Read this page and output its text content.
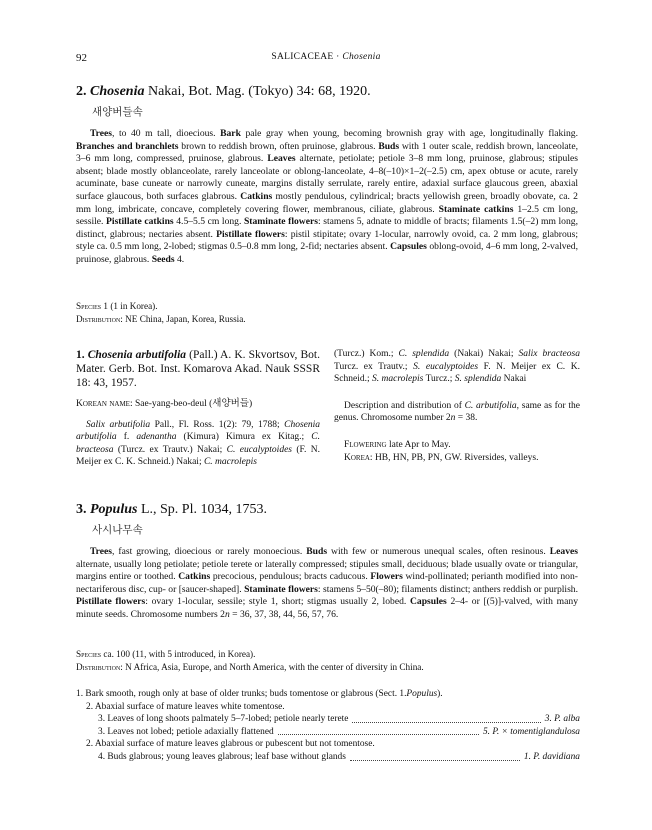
92	SALICACEAE · Chosenia
2. Chosenia Nakai, Bot. Mag. (Tokyo) 34: 68, 1920.
새양버들속

Trees, to 40 m tall, dioecious. Bark pale gray when young, becoming brownish gray with age, longitudinally flaking. Branches and branchlets brown to reddish brown, often pruinose, glabrous. Buds with 1 outer scale, reddish brown, lanceolate, 3–6 mm long, compressed, pruinose, glabrous. Leaves alternate, petiolate; petiole 3–8 mm long, pruinose, glabrous; stipules absent; blade mostly oblanceolate, rarely lanceolate or oblong-lanceolate, 4–8(–10)×1–2(–2.5) cm, apex obtuse or acute, rarely acuminate, base cuneate or narrowly cuneate, margins distally serrulate, rarely entire, adaxial surface glaucous green, abaxial surface glaucous, both surfaces glabrous. Catkins mostly pendulous, cylindrical; bracts yellowish green, broadly obovate, ca. 2 mm long, imbricate, concave, completely covering flower, membranous, ciliate, glabrous. Staminate catkins 1–2.5 cm long, sessile. Pistillate catkins 4.5–5.5 cm long. Staminate flowers: stamens 5, adnate to middle of bracts; filaments 1.5(–2) mm long, distinct, glabrous; nectaries absent. Pistillate flowers: pistil stipitate; ovary 1-locular, narrowly ovoid, ca. 2 mm long, glabrous; style ca. 0.5 mm long, 2-lobed; stigmas 0.5–0.8 mm long, 2-fid; nectaries absent. Capsules oblong-ovoid, 4–6 mm long, 2-valved, pruinose, glabrous. Seeds 4.

Species 1 (1 in Korea).
Distribution: NE China, Japan, Korea, Russia.

1. Chosenia arbutifolia (Pall.) A. K. Skvortsov, Bot. Mater. Gerb. Bot. Inst. Komarova Akad. Nauk SSSR 18: 43, 1957.

Korean name: Sae-yang-beo-deul (새양버들)

Salix arbutifolia Pall., Fl. Ross. 1(2): 79, 1788; Chosenia arbutifolia f. adenantha (Kimura) Kimura ex Kitag.; C. bracteosa (Turcz. ex Trautv.) Nakai; C. eucalyptoides (F. N. Meijer ex C. K. Schneid.) Nakai; C. macrolepis

(Turcz.) Kom.; C. splendida (Nakai) Nakai; Salix bracteosa Turcz. ex Trautv.; S. eucalyptoides F. N. Meijer ex C. K. Schneid.; S. macrolepis Turcz.; S. splendida Nakai

Description and distribution of C. arbutifolia, same as for the genus. Chromosome number 2n = 38.

Flowering late Apr to May.

Korea: HB, HN, PB, PN, GW. Riversides, valleys.

3. Populus L., Sp. Pl. 1034, 1753.
사시나무속

Trees, fast growing, dioecious or rarely monoecious. Buds with few or numerous unequal scales, often resinous. Leaves alternate, usually long petiolate; petiole terete or laterally compressed; stipules small, deciduous; blade usually ovate or triangular, margins entire or toothed. Catkins precocious, pendulous; bracts caducous. Flowers wind-pollinated; perianth modified into non-nectariferous disc, cup- or [saucer-shaped]. Staminate flowers: stamens 5–50(–80); filaments distinct; anthers reddish or purplish. Pistillate flowers: ovary 1-locular, sessile; style 1, short; stigmas usually 2, lobed. Capsules 2–4- or [(5)]-valved, with many minute seeds. Chromosome numbers 2n = 36, 37, 38, 44, 56, 57, 76.

Species ca. 100 (11, with 5 introduced, in Korea).
Distribution: N Africa, Asia, Europe, and North America, with the center of diversity in China.
1. Bark smooth, rough only at base of older trunks; buds tomentose or glabrous (Sect. 1. Populus ).
2. Abaxial surface of mature leaves white tomentose.
3. Leaves of long shoots palmately 5–7-lobed; petiole nearly terete	3. P. alba
3. Leaves not lobed; petiole adaxially flattened	5. P. × tomentiglandulosa
2. Abaxial surface of mature leaves glabrous or pubescent but not tomentose.
4. Buds glabrous; young leaves glabrous; leaf base without glands	1. P. davidiana
